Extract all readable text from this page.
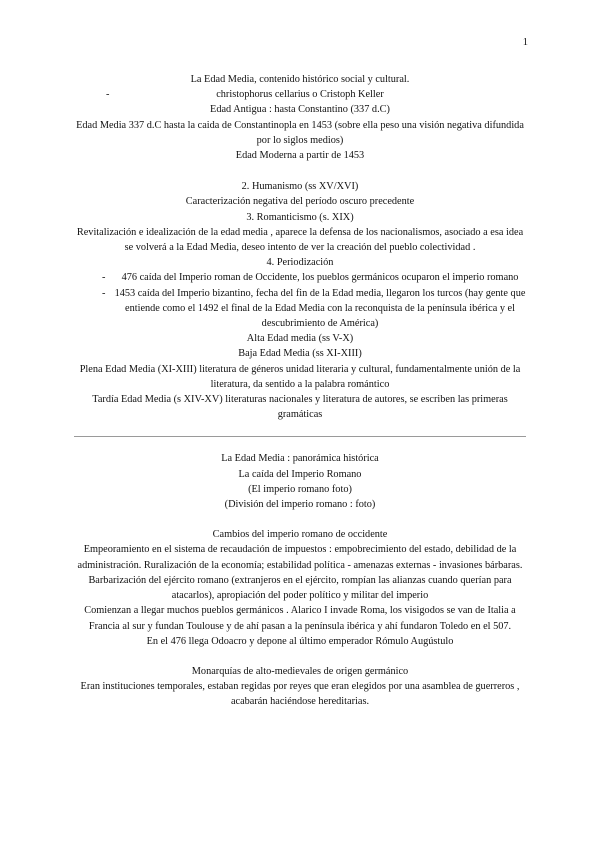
1
La Edad Media, contenido histórico social y cultural.
-	christophorus cellarius o Cristoph Keller
Edad Antigua : hasta Constantino (337 d.C)
Edad Media 337 d.C hasta la caida de Constantinopla en 1453 (sobre ella peso una visión negativa difundida por lo siglos medios)
Edad Moderna a partir de 1453
2. Humanismo (ss XV/XVI)
Caracterización negativa del período oscuro precedente
3. Romanticismo (s. XIX)
Revitalización e idealización de la edad media , aparece la defensa de los nacionalismos, asociado a esa idea se volverá a la Edad Media, deseo intento de ver la creación del pueblo colectividad .
4. Periodización
- 476 caída del Imperio roman de Occidente, los pueblos germánicos ocuparon el imperio romano
- 1453 caída del Imperio bizantino, fecha del fin de la Edad media, llegaron los turcos (hay gente que entiende como el 1492 el final de la Edad Media con la reconquista de la península ibérica y el descubrimiento de América)
Alta Edad media (ss V-X)
Baja Edad Media (ss XI-XIII)
Plena Edad Media (XI-XIII) literatura de géneros unidad literaria y cultural, fundamentalmente unión de la literatura, da sentido a la palabra romántico
Tardía Edad Media (s XIV-XV) literaturas nacionales y literatura de autores, se escriben las primeras gramáticas
La Edad Media : panorámica histórica
La caída del Imperio Romano
(El imperio romano foto)
(División del imperio romano : foto)
Cambios del imperio romano de occidente
Empeoramiento en el sistema de recaudación de impuestos : empobrecimiento del estado, debilidad de la administración. Ruralización de la economía; estabilidad política - amenazas externas - invasiones bárbaras.
Barbarización del ejército romano (extranjeros en el ejército, rompían las alianzas cuando querían para atacarlos), apropiación del poder político y militar del imperio
Comienzan a llegar muchos pueblos germánicos . Alarico I invade Roma, los visigodos se van de Italia a Francia al sur y fundan Toulouse y de ahí pasan a la península ibérica y ahí fundaron Toledo en el 507.
En el 476 llega Odoacro y depone al último emperador Rómulo Augústulo
Monarquías de alto-medievales de origen germánico
Eran instituciones temporales, estaban regidas por reyes que eran elegidos por una asamblea de guerreros , acabarán haciéndose hereditarias.
